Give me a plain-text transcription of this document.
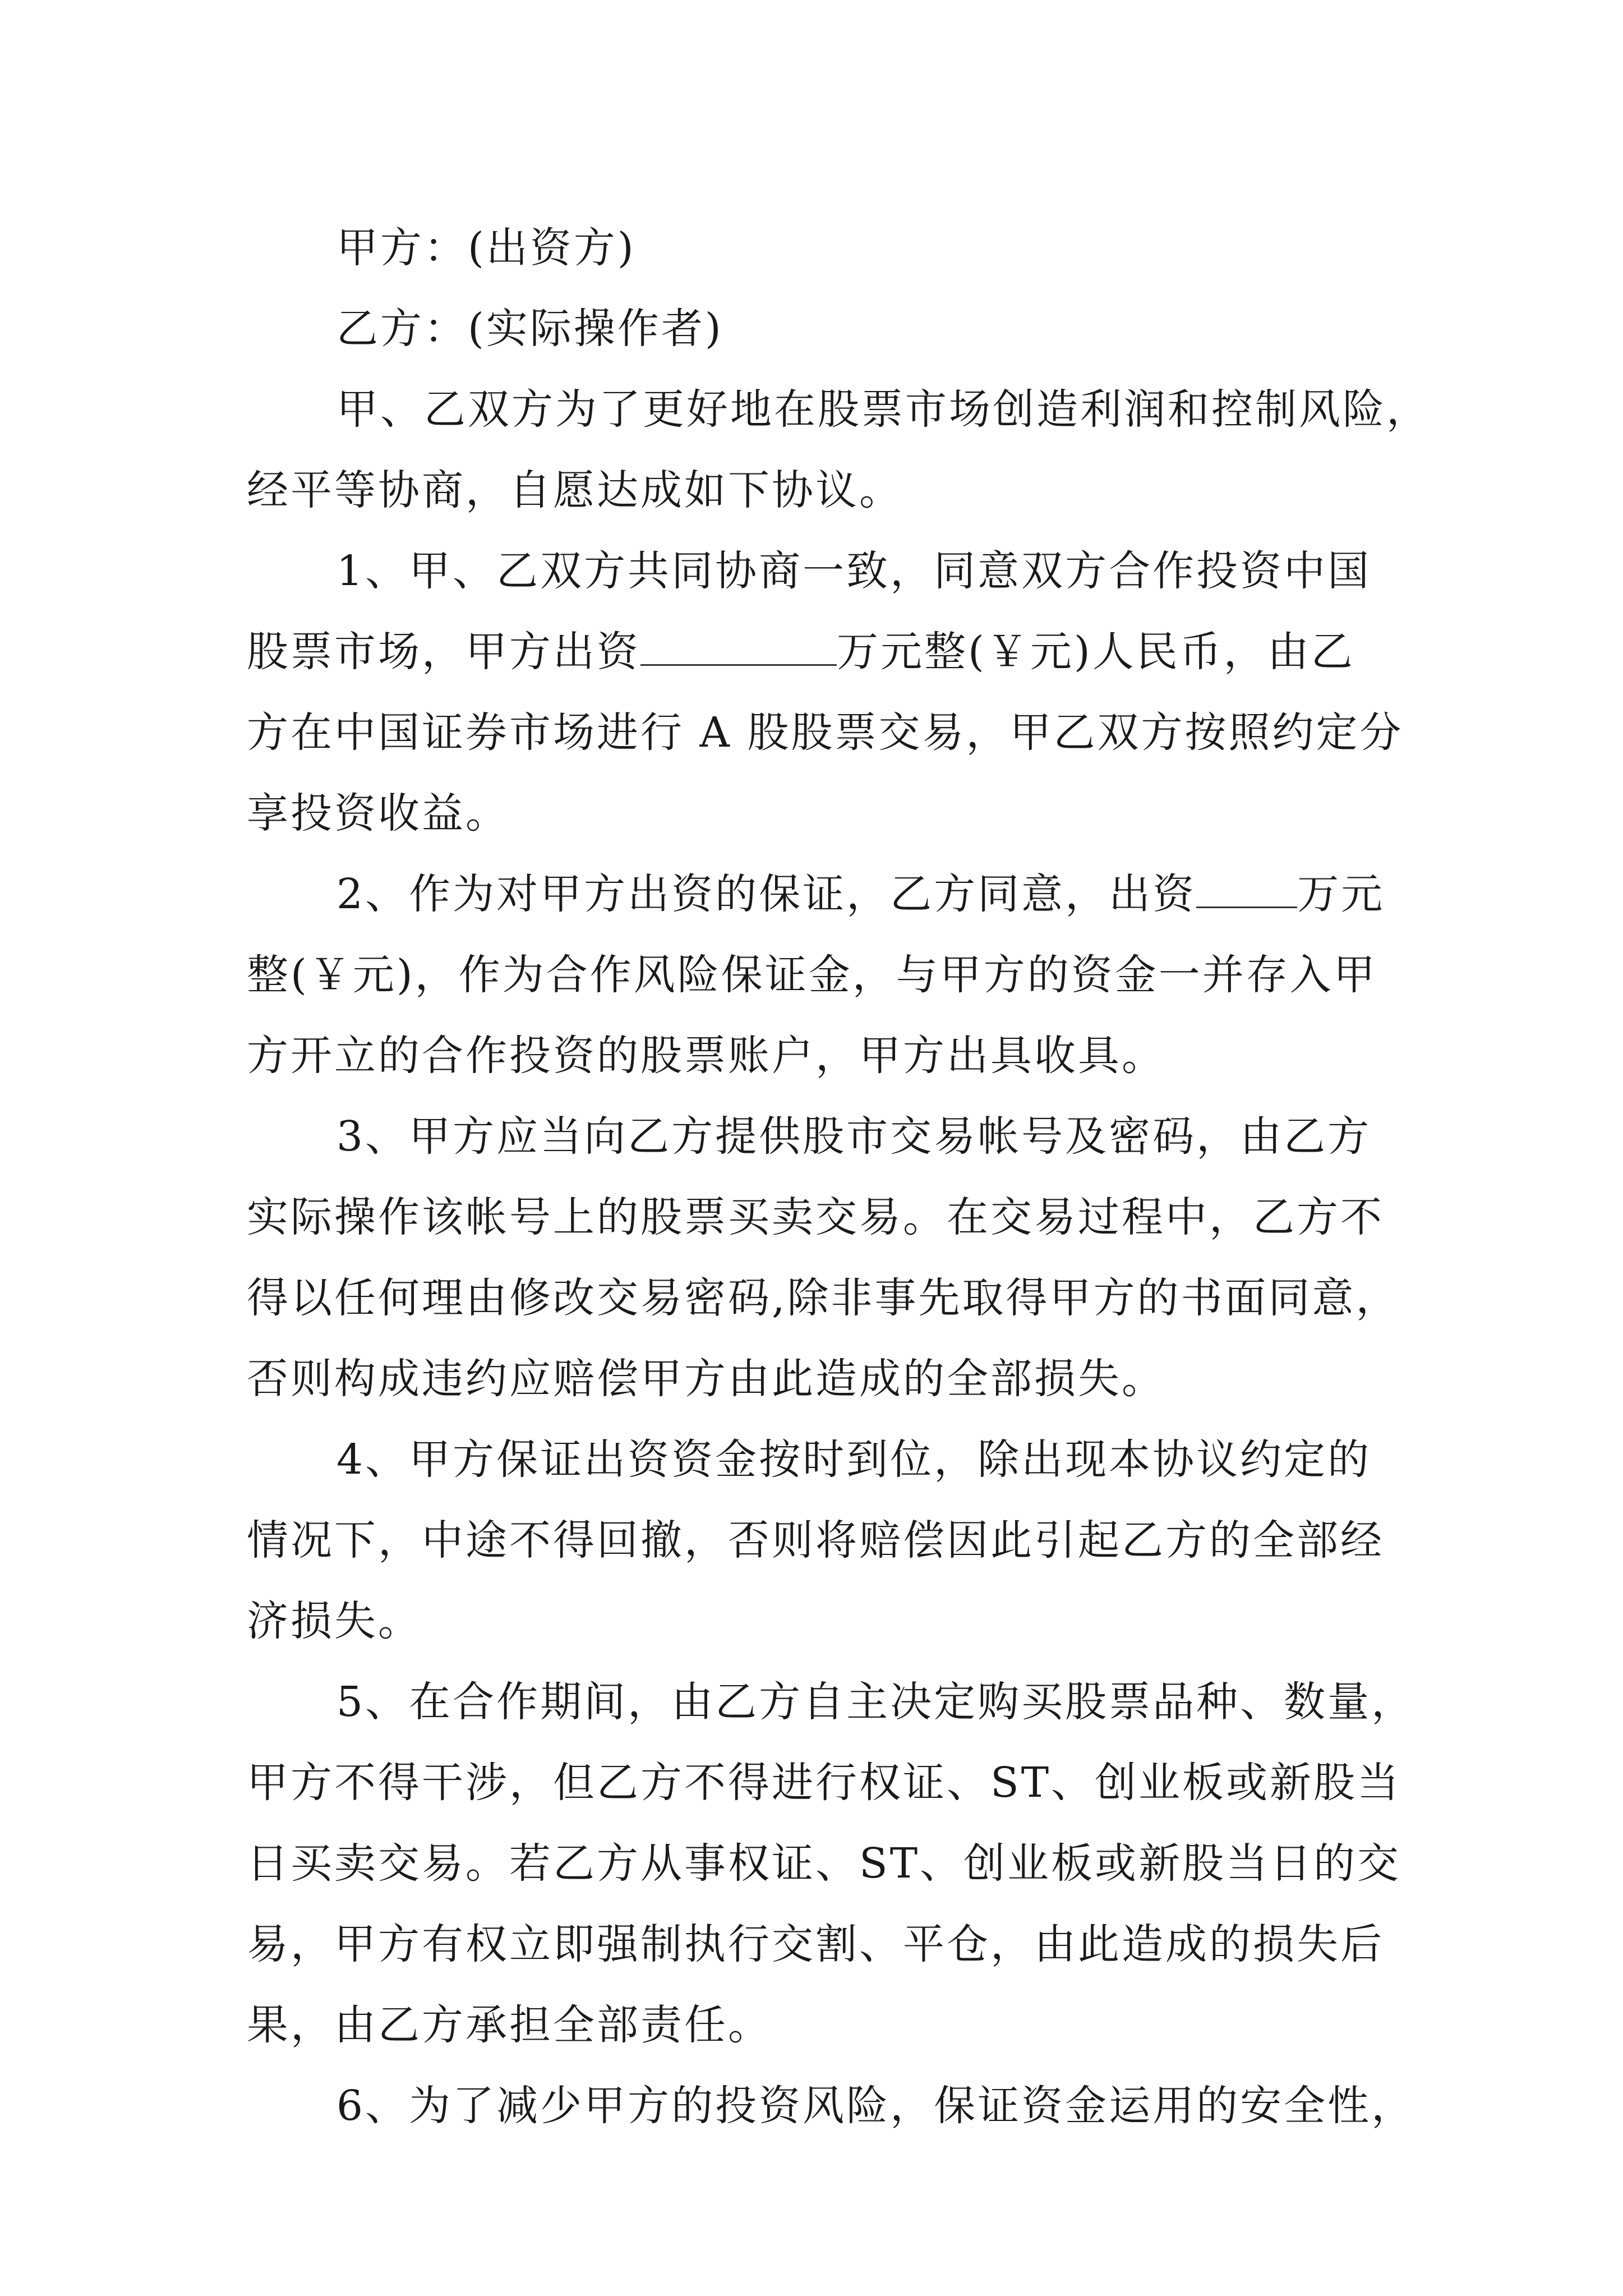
甲方：(出资方)
乙方：(实际操作者)
甲、乙双方为了更好地在股票市场创造利润和控制风险，
经平等协商，自愿达成如下协议。
1、甲、乙双方共同协商一致，同意双方合作投资中国
股票市场，甲方出资	万元整(￥元)人民币，由乙
方在中国证券市场进行 A 股股票交易，甲乙双方按照约定分
享投资收益。
2、作为对甲方出资的保证，乙方同意，出资 万元
整(￥元)，作为合作风险保证金，与甲方的资金一并存入甲
方开立的合作投资的股票账户，甲方出具收具。
3、甲方应当向乙方提供股市交易帐号及密码，由乙方
实际操作该帐号上的股票买卖交易。在交易过程中，乙方不
得以任何理由修改交易密码,除非事先取得甲方的书面同意，
否则构成违约应赔偿甲方由此造成的全部损失。
4、甲方保证出资资金按时到位，除出现本协议约定的
情况下，中途不得回撤，否则将赔偿因此引起乙方的全部经
济损失。
5、在合作期间，由乙方自主决定购买股票品种、数量，
甲方不得干涉，但乙方不得进行权证、ST、创业板或新股当
日买卖交易。若乙方从事权证、ST、创业板或新股当日的交
易，甲方有权立即强制执行交割、平仓，由此造成的损失后
果，由乙方承担全部责任。
6、为了减少甲方的投资风险，保证资金运用的安全性，
